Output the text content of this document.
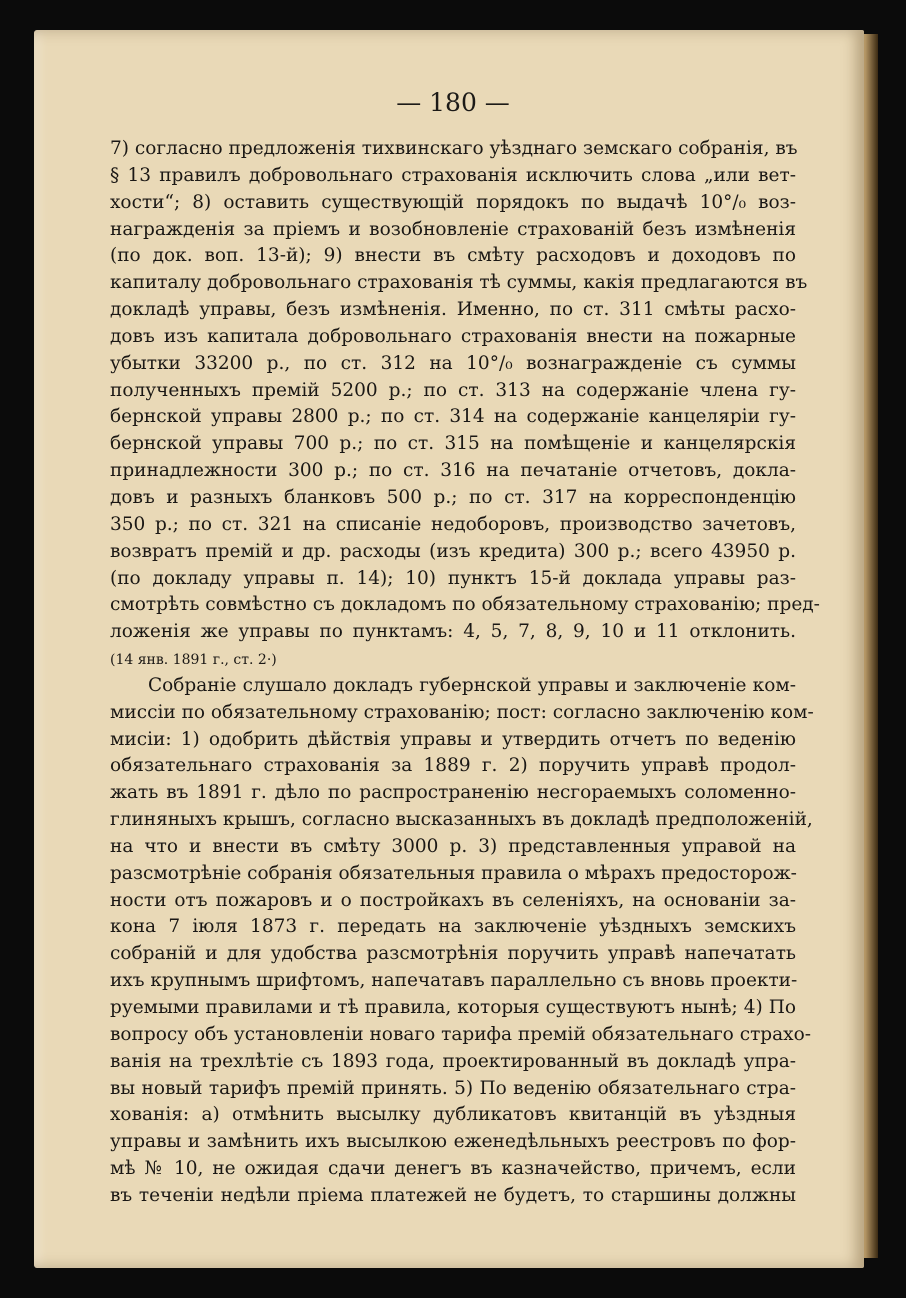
— 180 —
7) согласно предложенія тихвинскаго уѣзднаго земскаго собранія, въ
§ 13 правилъ добровольнаго страхованія исключить слова „или вет-
хости“; 8) оставить существующій порядокъ по выдачѣ 10°/₀ воз-
награжденія за пріемъ и возобновленіе страхованій безъ измѣненія
(по док. воп. 13-й); 9) внести въ смѣту расходовъ и доходовъ по
капиталу добровольнаго страхованія тѣ суммы, какія предлагаются въ
докладѣ управы, безъ измѣненія. Именно, по ст. 311 смѣты расхо-
довъ изъ капитала добровольнаго страхованія внести на пожарные
убытки 33200 р., по ст. 312 на 10°/₀ вознагражденіе съ суммы
полученныхъ премій 5200 р.; по ст. 313 на содержаніе члена гу-
бернской управы 2800 р.; по ст. 314 на содержаніе канцеляріи гу-
бернской управы 700 р.; по ст. 315 на помѣщеніе и канцелярскія
принадлежности 300 р.; по ст. 316 на печатаніе отчетовъ, докла-
довъ и разныхъ бланковъ 500 р.; по ст. 317 на корреспонденцію
350 р.; по ст. 321 на списаніе недоборовъ, производство зачетовъ,
возвратъ премій и др. расходы (изъ кредита) 300 р.; всего 43950 р.
(по докладу управы п. 14); 10) пунктъ 15-й доклада управы раз-
смотрѣть совмѣстно съ докладомъ по обязательному страхованію; пред-
ложенія же управы по пунктамъ: 4, 5, 7, 8, 9, 10 и 11 отклонить.
(14 янв. 1891 г., ст. 2·)
Собраніе слушало докладъ губернской управы и заключеніе ком-
миссіи по обязательному страхованію; пост: согласно заключенію ком-
мисіи: 1) одобрить дѣйствія управы и утвердить отчетъ по веденію
обязательнаго страхованія за 1889 г. 2) поручить управѣ продол-
жать въ 1891 г. дѣло по распространенію несгораемыхъ соломенно-
глиняныхъ крышъ, согласно высказанныхъ въ докладѣ предположеній,
на что и внести въ смѣту 3000 р. 3) представленныя управой на
разсмотрѣніе собранія обязательныя правила о мѣрахъ предосторож-
ности отъ пожаровъ и о постройкахъ въ селеніяхъ, на основаніи за-
кона 7 іюля 1873 г. передать на заключеніе уѣздныхъ земскихъ
собраній и для удобства разсмотрѣнія поручить управѣ напечатать
ихъ крупнымъ шрифтомъ, напечатавъ параллельно съ вновь проекти-
руемыми правилами и тѣ правила, которыя существуютъ нынѣ; 4) По
вопросу объ установленіи новаго тарифа премій обязательнаго страхо-
ванія на трехлѣтіе съ 1893 года, проектированный въ докладѣ упра-
вы новый тарифъ премій принять. 5) По веденію обязательнаго стра-
хованія: а) отмѣнить высылку дубликатовъ квитанцій въ уѣздныя
управы и замѣнить ихъ высылкою еженедѣльныхъ реестровъ по фор-
мѣ № 10, не ожидая сдачи денегъ въ казначейство, причемъ, если
въ теченіи недѣли пріема платежей не будетъ, то старшины должны
